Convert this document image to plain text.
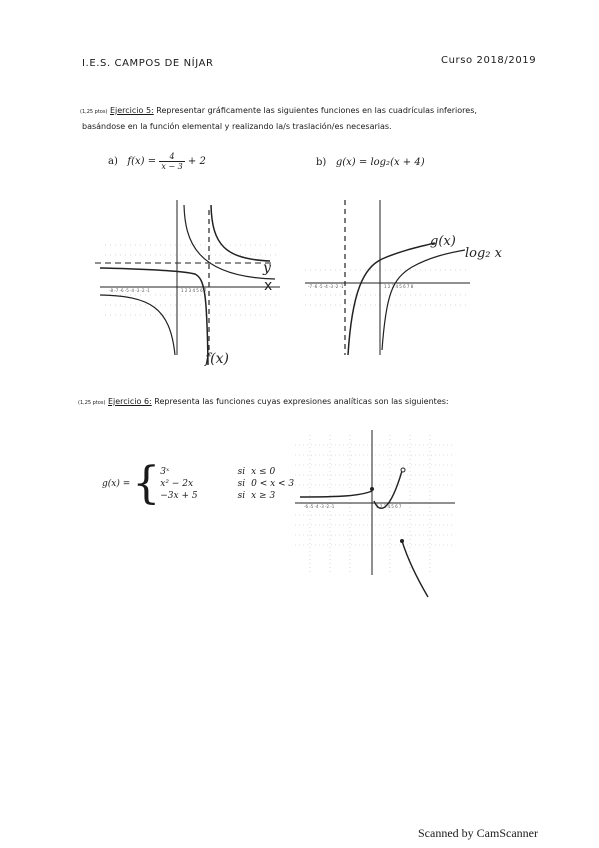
I.E.S. CAMPOS DE NÍJAR	Curso 2018/2019
(1,25 ptos) Ejercicio 5: Representar gráficamente las siguientes funciones en las cuadrículas inferiores,
basándose en la función elemental y realizando la/s traslación/es necesarias.
a) $f(x) = \frac{4}{x - 3} + 2$	b) g(x) = log₂(x + 4)
-8 -7 -6 -5 -4 -3 -2 -1	1 2 3 4 5 6 7
y
x
f(x)
-7 -6 -5 -4 -3 -2 -1	1 2 3 4 5 6 7 8
g(x)
log₂ x
(1,25 ptos) Ejercicio 6: Representa las funciones cuyas expresiones analíticas son las siguientes:
g(x) = { 3ˣ	si	x ≤ 0
x² − 2x	si	0 < x < 3
−3x + 5	si	x ≥ 3
-6 -5 -4 -3 -2 -1	1 2 3 4 5 6 7
Scanned by CamScanner
